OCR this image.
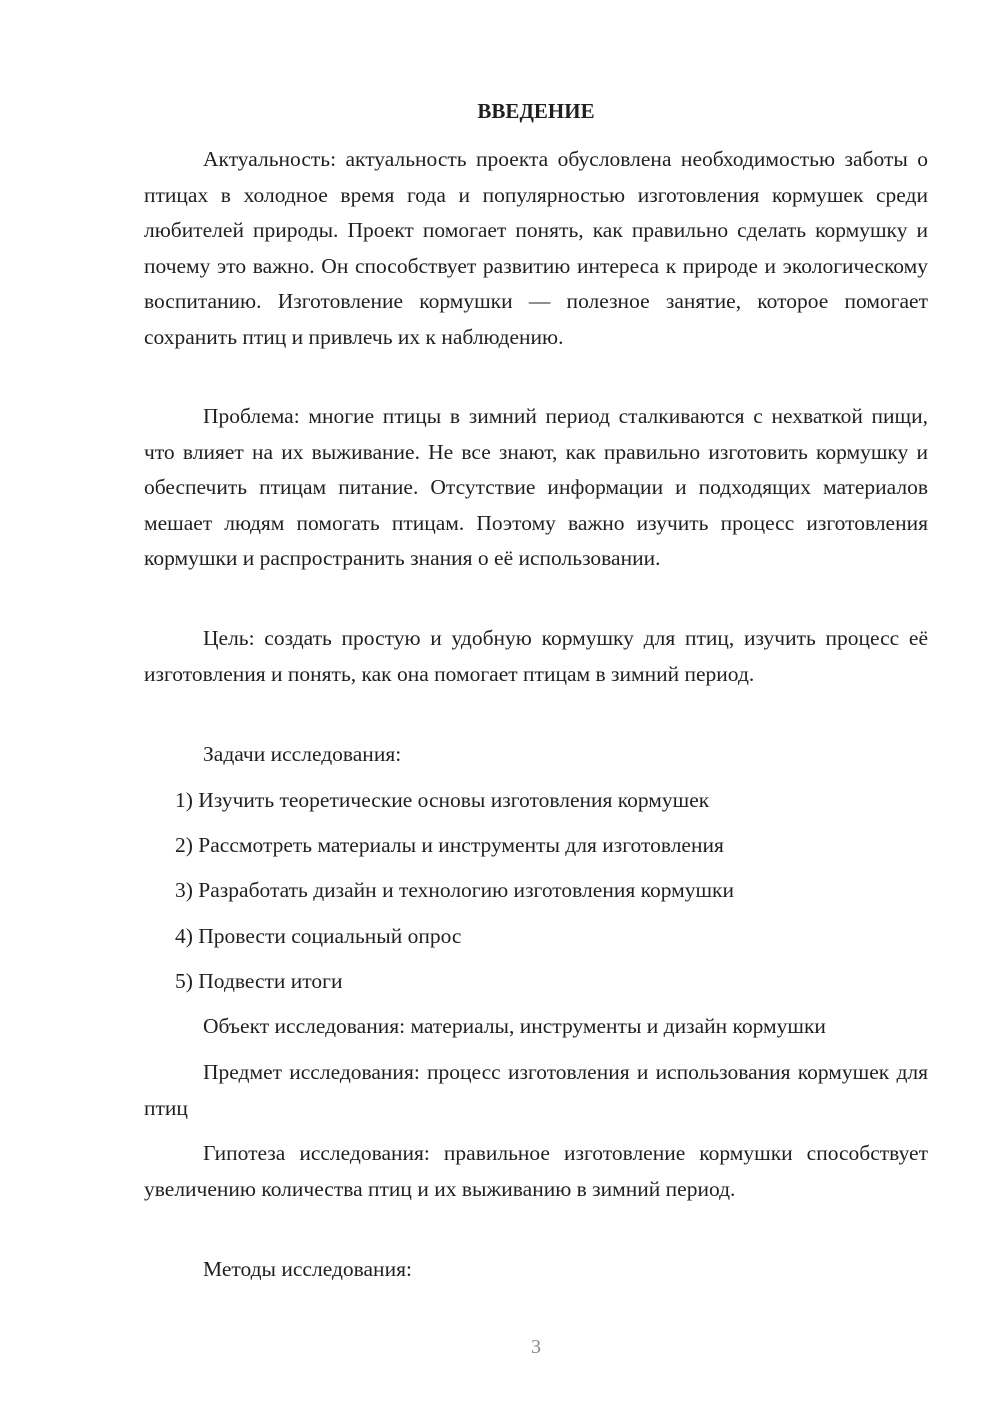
ВВЕДЕНИЕ

Актуальность: актуальность проекта обусловлена необходимостью заботы о птицах в холодное время года и популярностью изготовления кормушек среди любителей природы. Проект помогает понять, как правильно сделать кормушку и почему это важно. Он способствует развитию интереса к природе и экологическому воспитанию. Изготовление кормушки — полезное занятие, которое помогает сохранить птиц и привлечь их к наблюдению.

Проблема: многие птицы в зимний период сталкиваются с нехваткой пищи, что влияет на их выживание. Не все знают, как правильно изготовить кормушку и обеспечить птицам питание. Отсутствие информации и подходящих материалов мешает людям помогать птицам. Поэтому важно изучить процесс изготовления кормушки и распространить знания о её использовании.

Цель: создать простую и удобную кормушку для птиц, изучить процесс её изготовления и понять, как она помогает птицам в зимний период.

Задачи исследования:

1) Изучить теоретические основы изготовления кормушек

2) Рассмотреть материалы и инструменты для изготовления

3) Разработать дизайн и технологию изготовления кормушки

4) Провести социальный опрос

5) Подвести итоги

Объект исследования: материалы, инструменты и дизайн кормушки

Предмет исследования: процесс изготовления и использования кормушек для птиц

Гипотеза исследования: правильное изготовление кормушки способствует увеличению количества птиц и их выживанию в зимний период.

Методы исследования:

3
